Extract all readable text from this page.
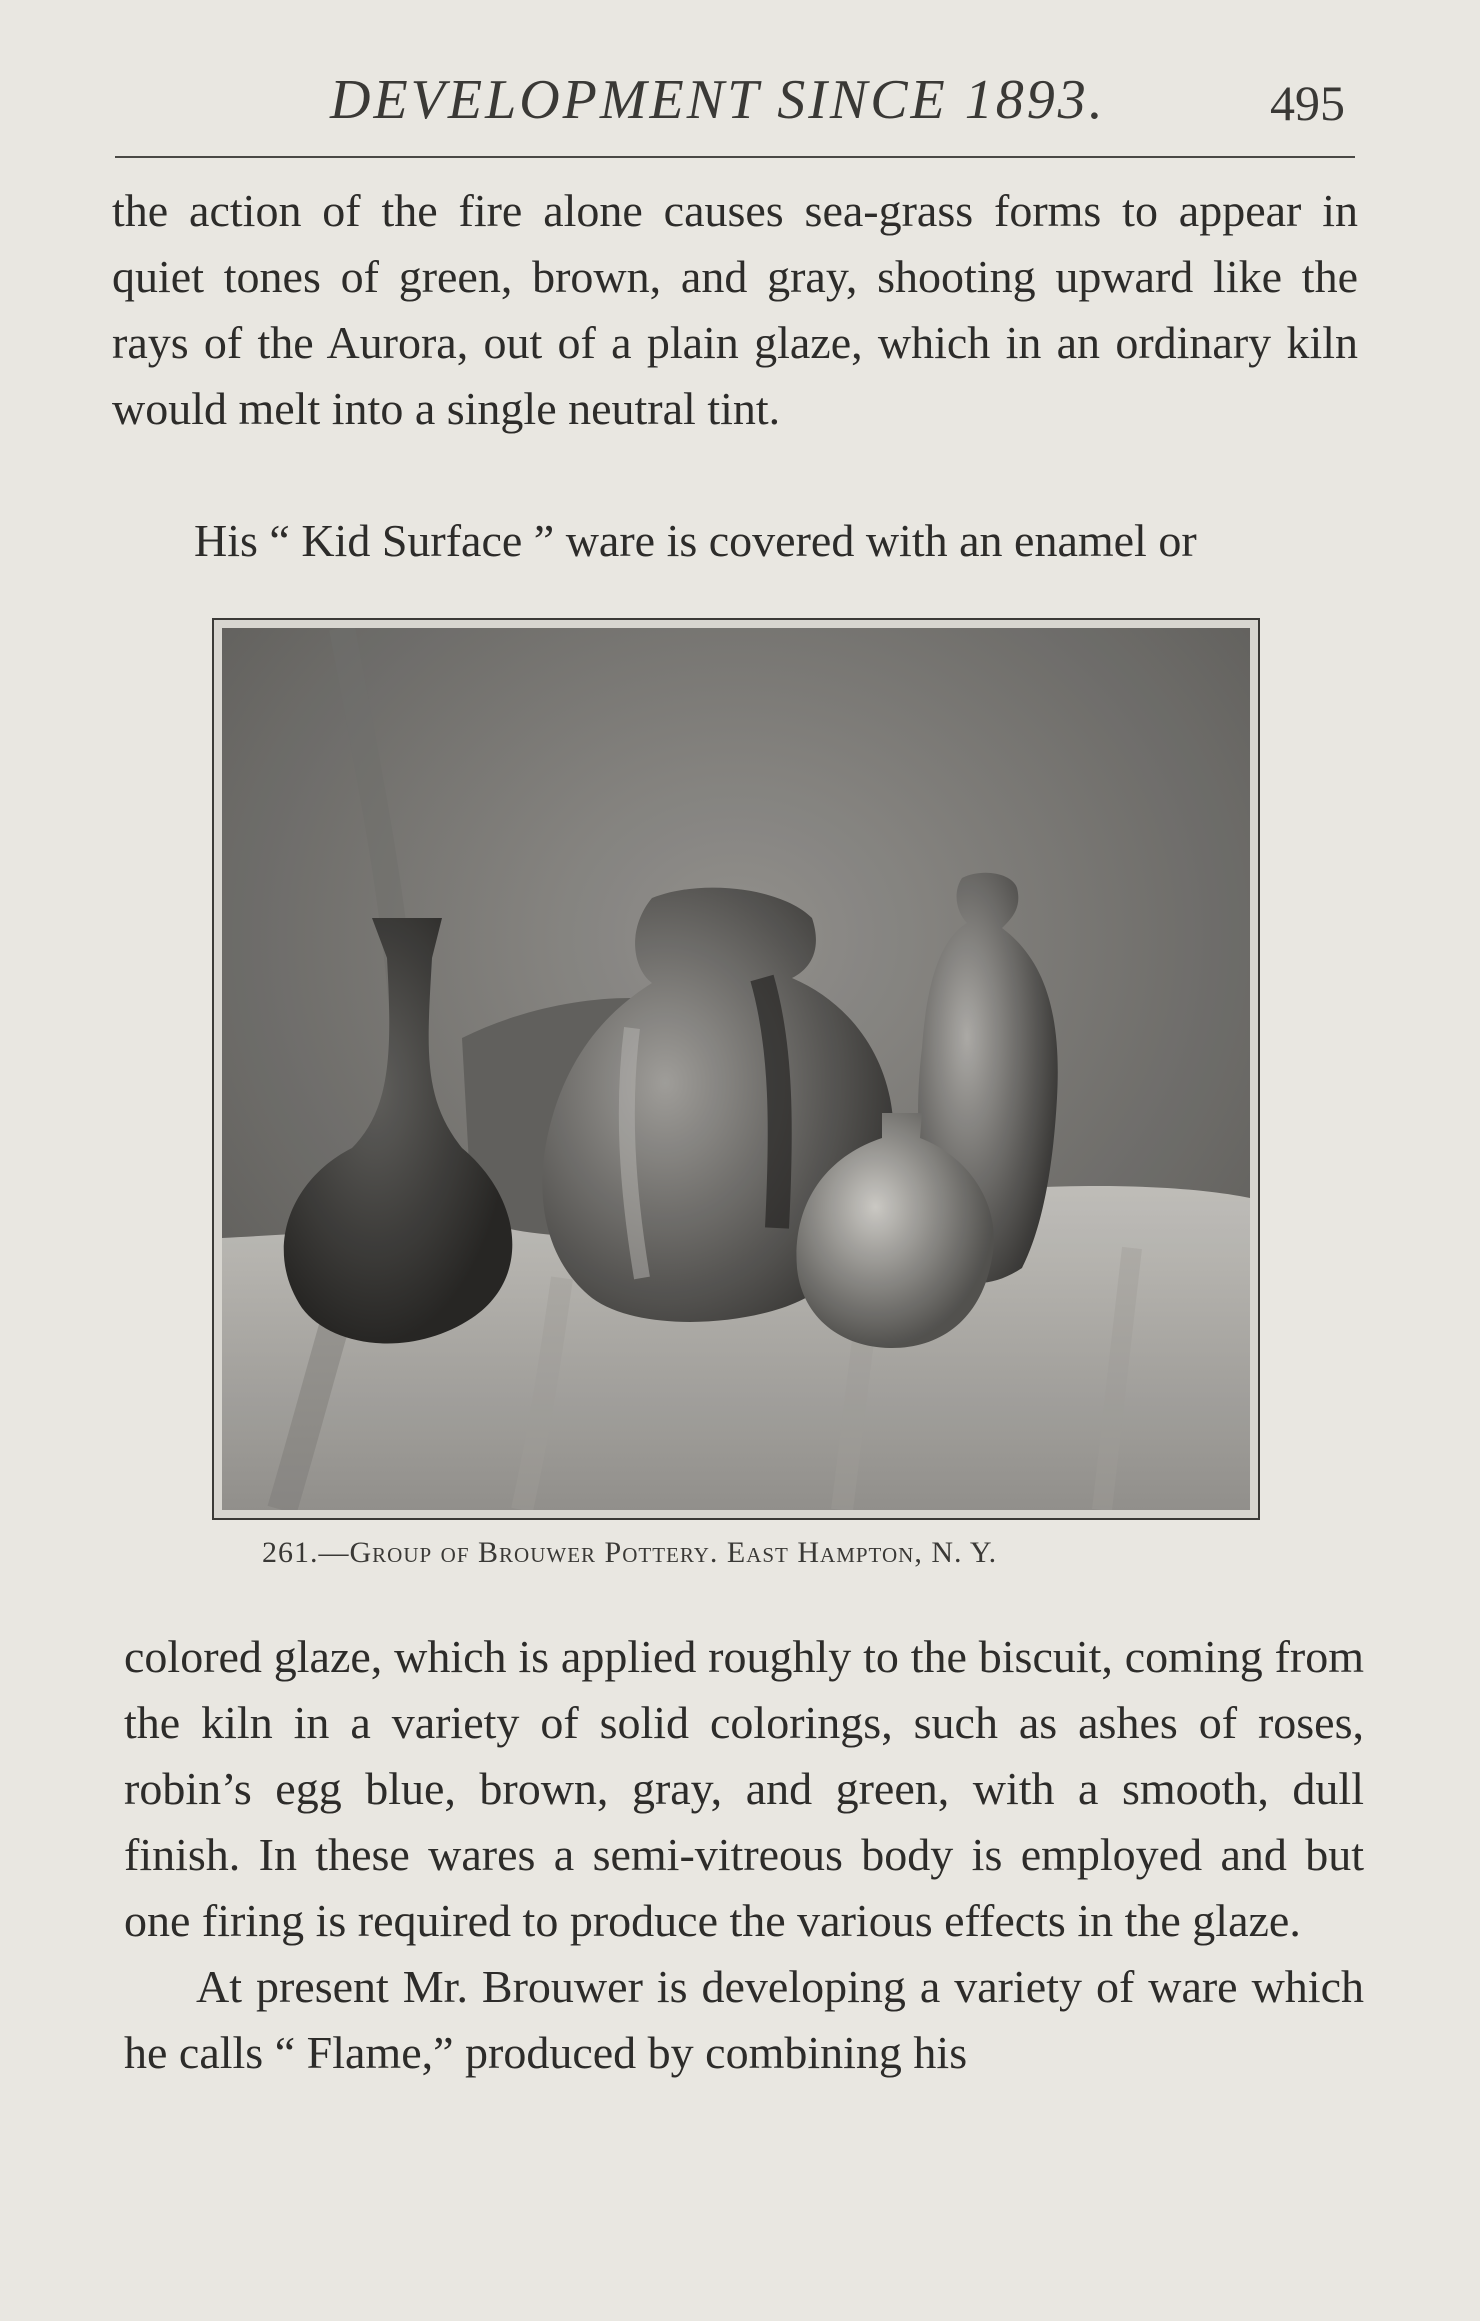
DEVELOPMENT SINCE 1893.	495
the action of the fire alone causes sea-grass forms to appear in quiet tones of green, brown, and gray, shooting upward like the rays of the Aurora, out of a plain glaze, which in an ordinary kiln would melt into a single neutral tint.
His “ Kid Surface ” ware is covered with an enamel or
261.—Group of Brouwer Pottery. East Hampton, N. Y.
colored glaze, which is applied roughly to the biscuit, coming from the kiln in a variety of solid colorings, such as ashes of roses, robin’s egg blue, brown, gray, and green, with a smooth, dull finish. In these wares a semi-vitreous body is employed and but one firing is required to produce the various effects in the glaze.
At present Mr. Brouwer is developing a variety of ware which he calls “ Flame,” produced by combining his
